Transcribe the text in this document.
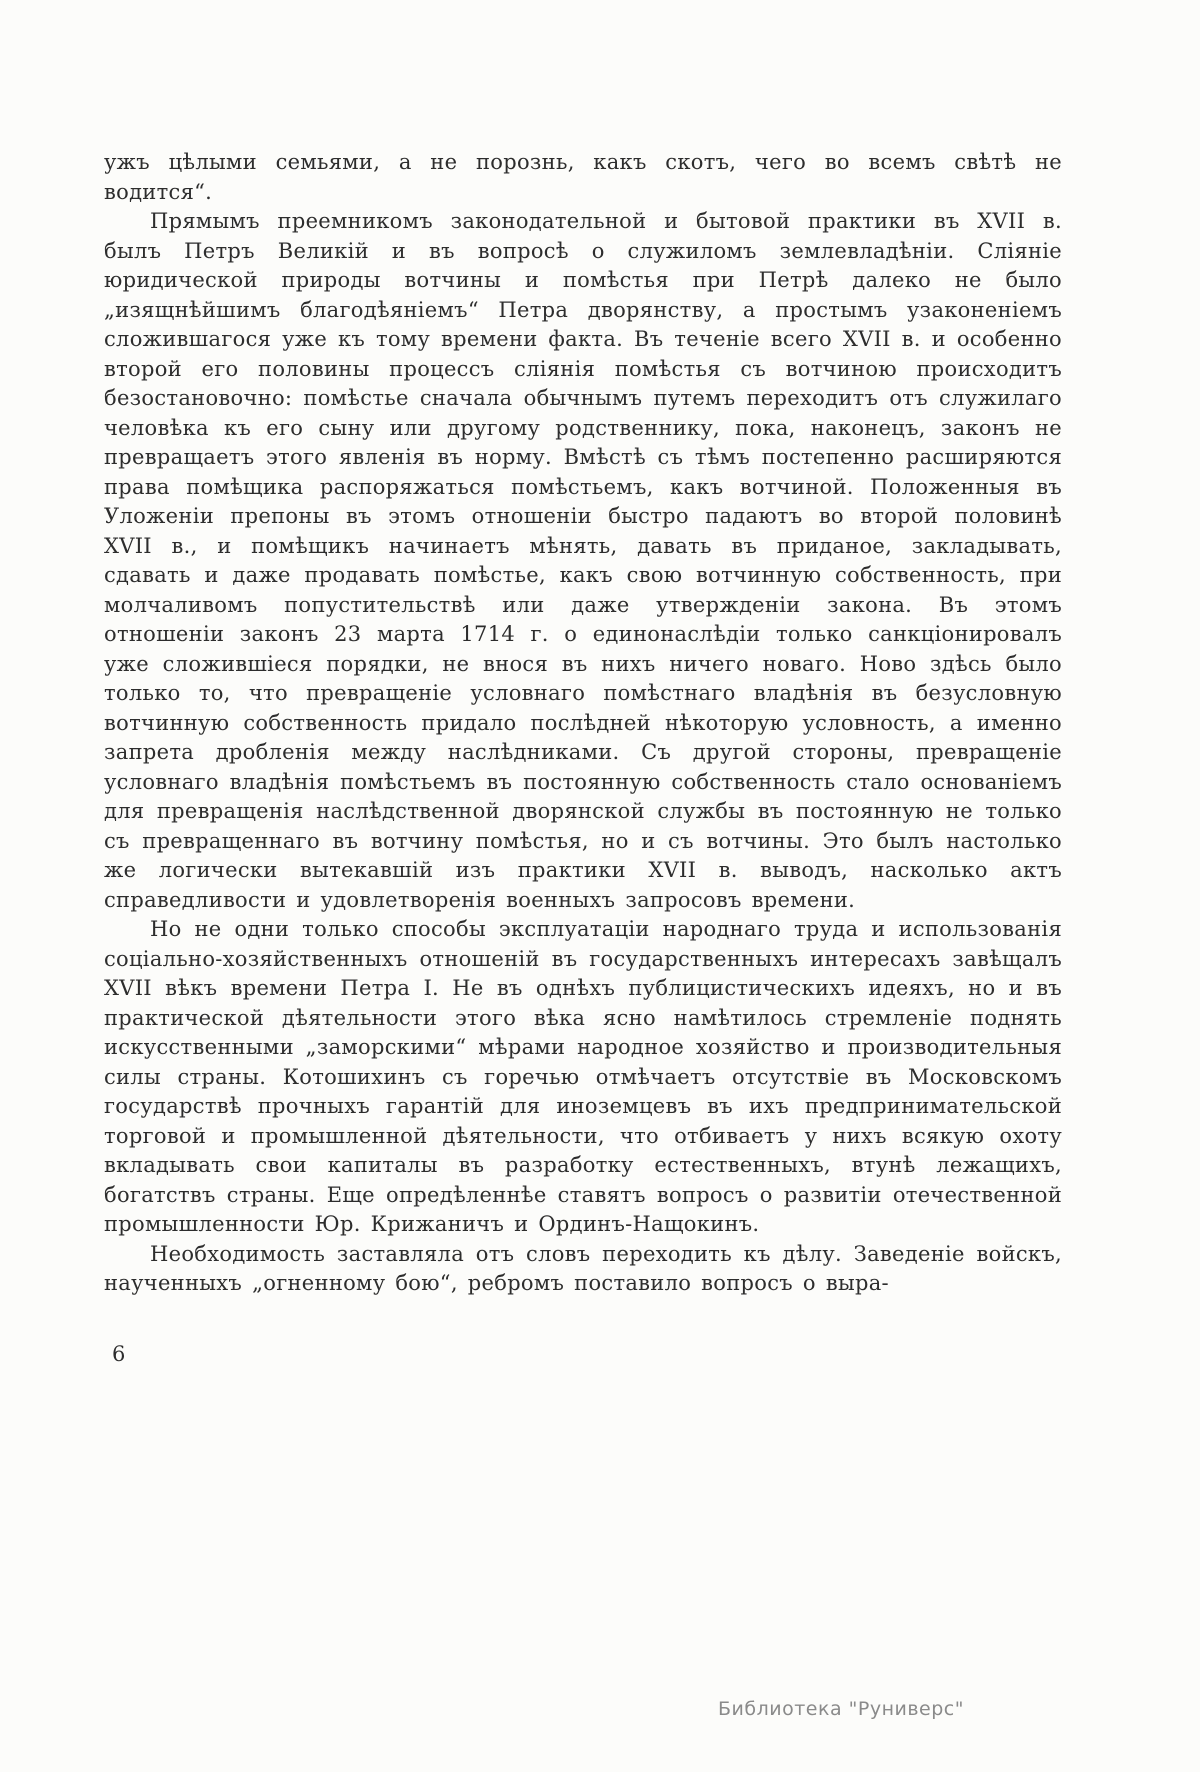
ужъ цѣлыми семьями, а не порознь, какъ скотъ, чего во всемъ свѣтѣ не водится“.

Прямымъ преемникомъ законодательной и бытовой практики въ XVII в. былъ Петръ Великій и въ вопросѣ о служиломъ землевладѣніи. Сліяніе юридической природы вотчины и помѣстья при Петрѣ далеко не было „изящнѣйшимъ благодѣяніемъ“ Петра дворянству, а простымъ узаконеніемъ сложившагося уже къ тому времени факта. Въ теченіе всего XVII в. и особенно второй его половины процессъ сліянія помѣстья съ вотчиною происходитъ безостановочно: помѣстье сначала обычнымъ путемъ переходитъ отъ служилаго человѣка къ его сыну или другому родственнику, пока, наконецъ, законъ не превращаетъ этого явленія въ норму. Вмѣстѣ съ тѣмъ постепенно расширяются права помѣщика распоряжаться помѣстьемъ, какъ вотчиной. Положенныя въ Уложеніи препоны въ этомъ отношеніи быстро падаютъ во второй половинѣ XVII в., и помѣщикъ начинаетъ мѣнять, давать въ приданое, закладывать, сдавать и даже продавать помѣстье, какъ свою вотчинную собственность, при молчаливомъ попустительствѣ или даже утвержденіи закона. Въ этомъ отношеніи законъ 23 марта 1714 г. о единонаслѣдіи только санкціонировалъ уже сложившіеся порядки, не внося въ нихъ ничего новаго. Ново здѣсь было только то, что превращеніе условнаго помѣстнаго владѣнія въ безусловную вотчинную собственность придало послѣдней нѣкоторую условность, а именно запрета дробленія между наслѣдниками. Съ другой стороны, превращеніе условнаго владѣнія помѣстьемъ въ постоянную собственность стало основаніемъ для превращенія наслѣдственной дворянской службы въ постоянную не только съ превращеннаго въ вотчину помѣстья, но и съ вотчины. Это былъ настолько же логически вытекавшій изъ практики XVII в. выводъ, насколько актъ справедливости и удовлетворенія военныхъ запросовъ времени.

Но не одни только способы эксплуатаціи народнаго труда и использованія соціально-хозяйственныхъ отношеній въ государственныхъ интересахъ завѣщалъ XVII вѣкъ времени Петра I. Не въ однѣхъ публицистическихъ идеяхъ, но и въ практической дѣятельности этого вѣка ясно намѣтилось стремленіе поднять искусственными „заморскими“ мѣрами народное хозяйство и производительныя силы страны. Котошихинъ съ горечью отмѣчаетъ отсутствіе въ Московскомъ государствѣ прочныхъ гарантій для иноземцевъ въ ихъ предпринимательской торговой и промышленной дѣятельности, что отбиваетъ у нихъ всякую охоту вкладывать свои капиталы въ разработку естественныхъ, втунѣ лежащихъ, богатствъ страны. Еще опредѣленнѣе ставятъ вопросъ о развитіи отечественной промышленности Юр. Крижаничъ и Ординъ-Нащокинъ.

Необходимость заставляла отъ словъ переходить къ дѣлу. Заведеніе войскъ, наученныхъ „огненному бою“, ребромъ поставило вопросъ о выра-

6
Библиотека "Руниверс"
